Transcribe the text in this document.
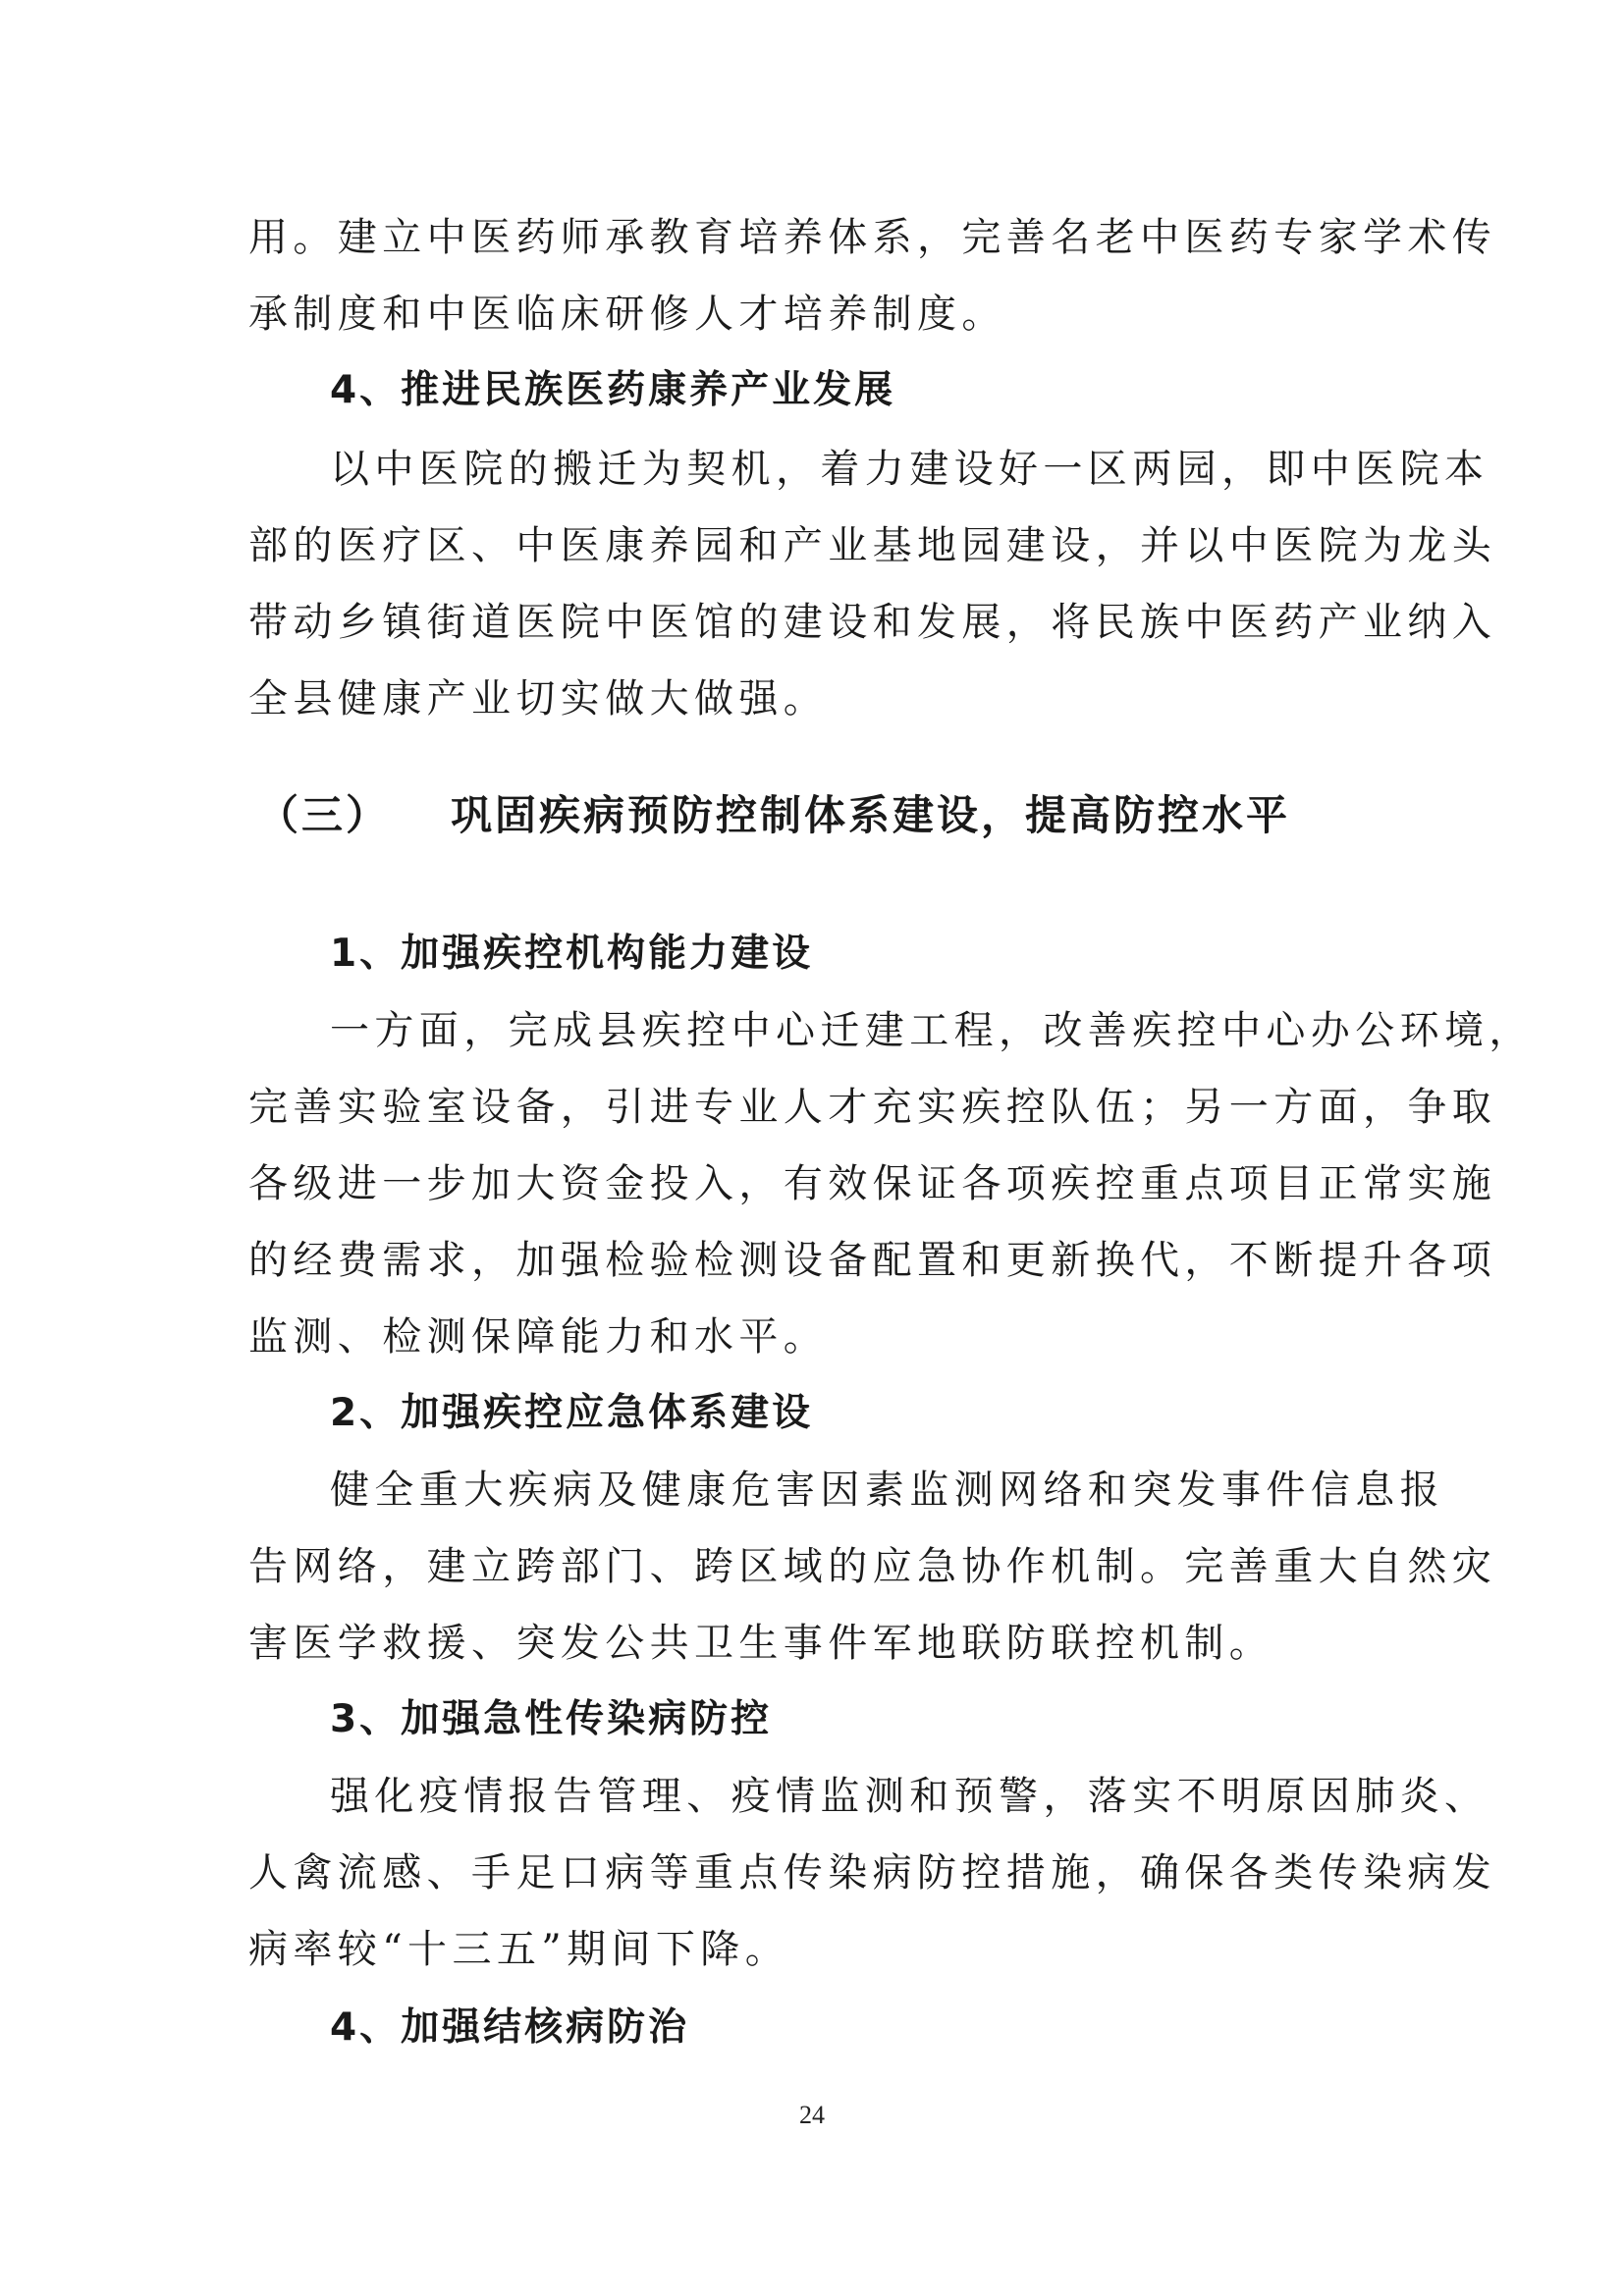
用。建立中医药师承教育培养体系，完善名老中医药专家学术传
承制度和中医临床研修人才培养制度。
4、推进民族医药康养产业发展
以中医院的搬迁为契机，着力建设好一区两园，即中医院本
部的医疗区、中医康养园和产业基地园建设，并以中医院为龙头
带动乡镇街道医院中医馆的建设和发展，将民族中医药产业纳入
全县健康产业切实做大做强。
（三） 巩固疾病预防控制体系建设，提高防控水平
1、加强疾控机构能力建设
一方面，完成县疾控中心迁建工程，改善疾控中心办公环境，
完善实验室设备，引进专业人才充实疾控队伍；另一方面，争取
各级进一步加大资金投入，有效保证各项疾控重点项目正常实施
的经费需求，加强检验检测设备配置和更新换代，不断提升各项
监测、检测保障能力和水平。
2、加强疾控应急体系建设
健全重大疾病及健康危害因素监测网络和突发事件信息报
告网络，建立跨部门、跨区域的应急协作机制。完善重大自然灾
害医学救援、突发公共卫生事件军地联防联控机制。
3、加强急性传染病防控
强化疫情报告管理、疫情监测和预警，落实不明原因肺炎、
人禽流感、手足口病等重点传染病防控措施，确保各类传染病发
病率较“十三五”期间下降。
4、加强结核病防治
24
